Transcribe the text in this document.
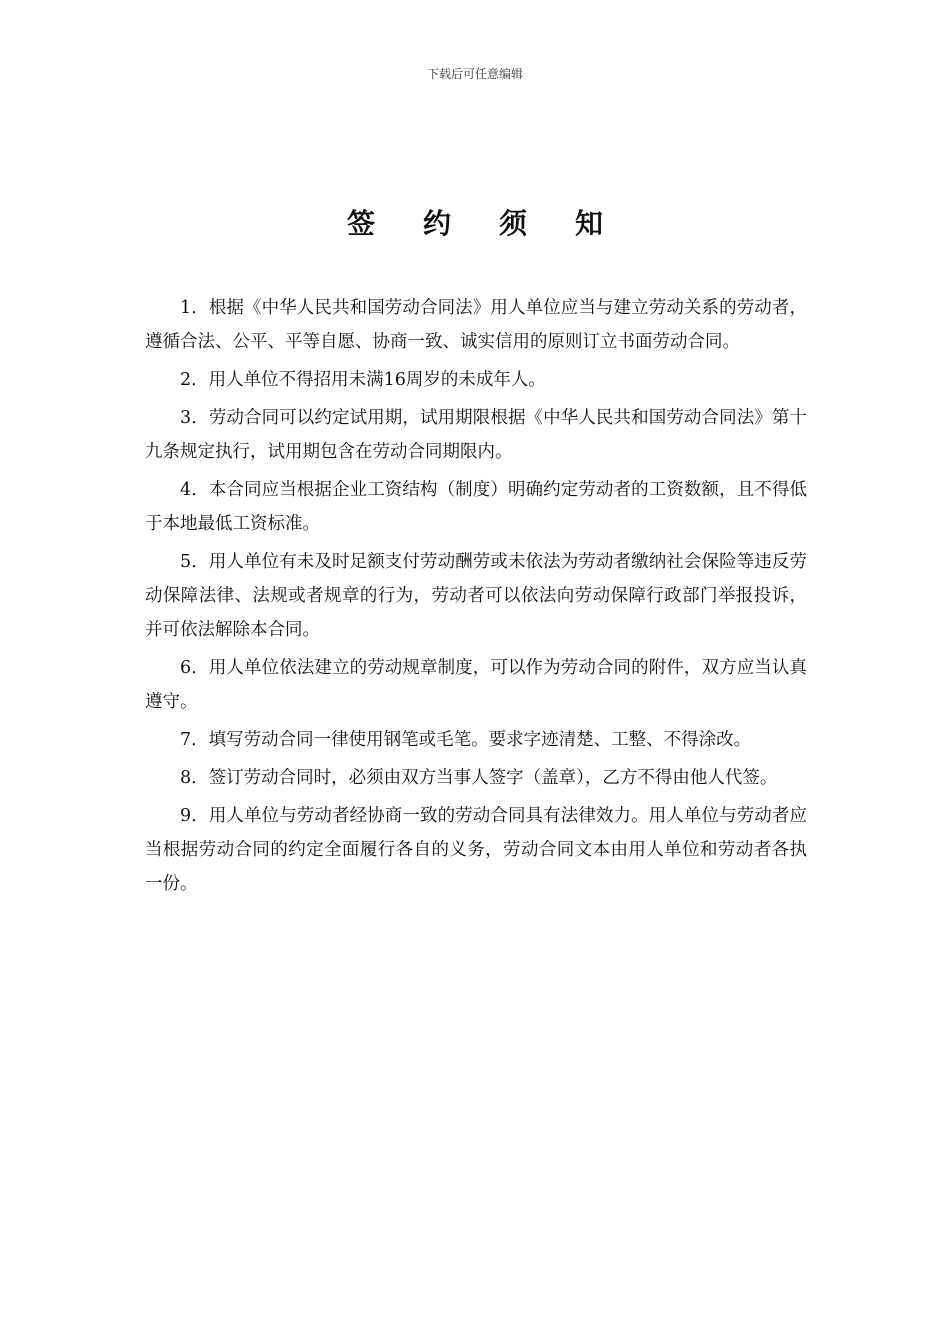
下载后可任意编辑
签约须知

1．根据《中华人民共和国劳动合同法》用人单位应当与建立劳动关系的劳动者，遵循合法、公平、平等自愿、协商一致、诚实信用的原则订立书面劳动合同。

2．用人单位不得招用未满16周岁的未成年人。

3．劳动合同可以约定试用期，试用期限根据《中华人民共和国劳动合同法》第十九条规定执行，试用期包含在劳动合同期限内。

4．本合同应当根据企业工资结构（制度）明确约定劳动者的工资数额，且不得低于本地最低工资标准。

5．用人单位有未及时足额支付劳动酬劳或未依法为劳动者缴纳社会保险等违反劳动保障法律、法规或者规章的行为，劳动者可以依法向劳动保障行政部门举报投诉，并可依法解除本合同。

6．用人单位依法建立的劳动规章制度，可以作为劳动合同的附件，双方应当认真遵守。

7．填写劳动合同一律使用钢笔或毛笔。要求字迹清楚、工整、不得涂改。

8．签订劳动合同时，必须由双方当事人签字（盖章），乙方不得由他人代签。

9．用人单位与劳动者经协商一致的劳动合同具有法律效力。用人单位与劳动者应当根据劳动合同的约定全面履行各自的义务，劳动合同文本由用人单位和劳动者各执一份。
